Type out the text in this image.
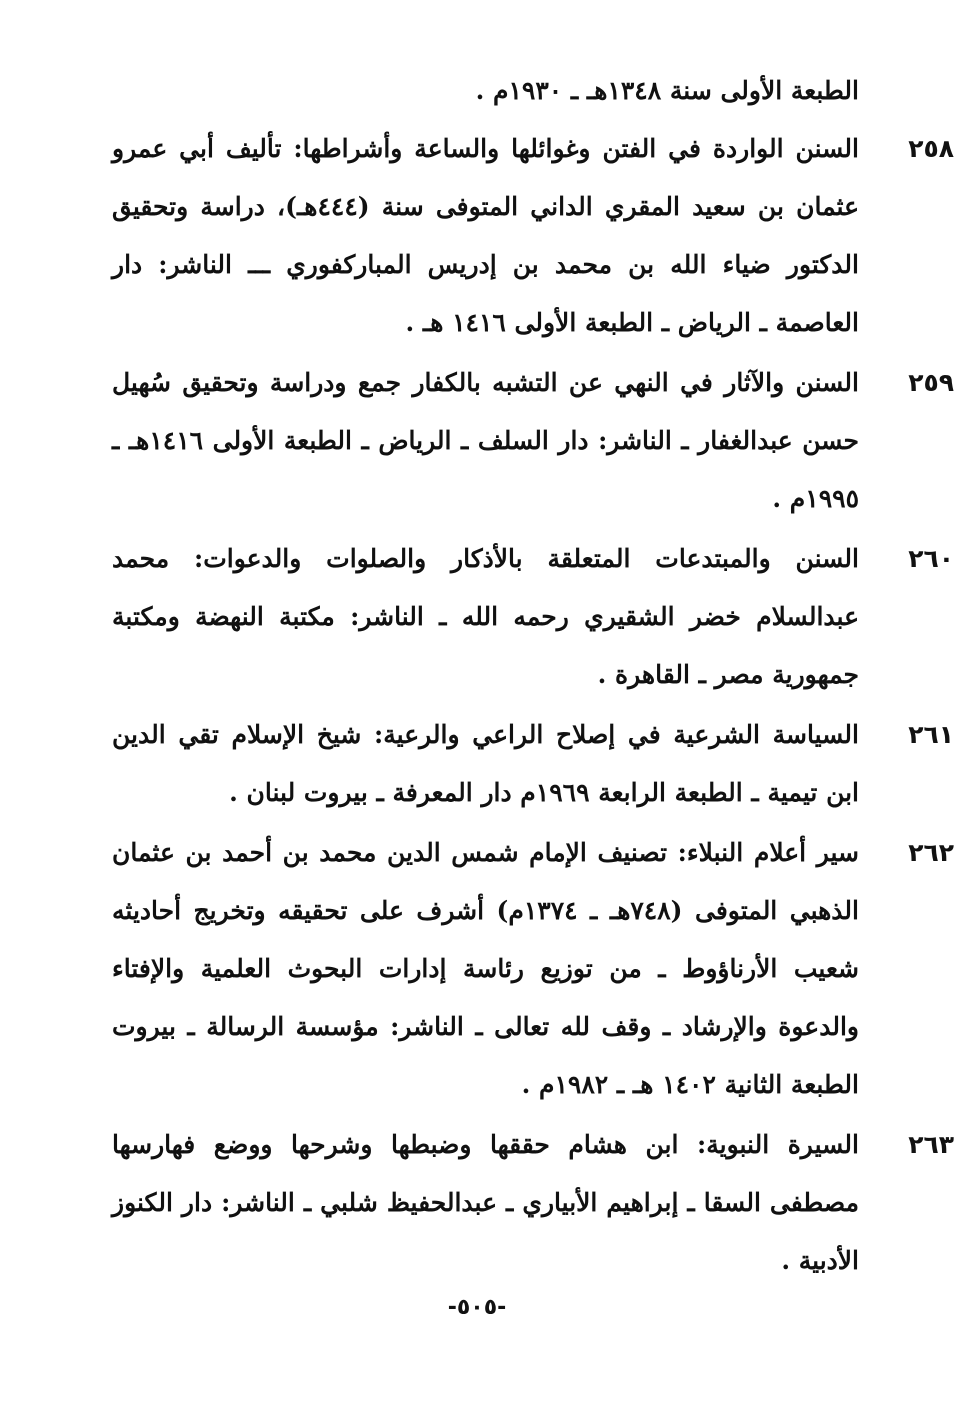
الطبعة الأولى سنة ١٣٤٨هـ ـ ١٩٣٠م .

٢٥٨
السنن الواردة في الفتن وغوائلها والساعة وأشراطها: تأليف أبي عمرو عثمان بن سعيد المقري الداني المتوفى سنة (٤٤٤هـ)، دراسة وتحقيق الدكتور ضياء الله بن محمد بن إدريس المباركفوري ـــ الناشر: دار العاصمة ـ الرياض ـ الطبعة الأولى ١٤١٦ هـ .
٢٥٩
السنن والآثار في النهي عن التشبه بالكفار جمع ودراسة وتحقيق سُهيل حسن عبدالغفار ـ الناشر: دار السلف ـ الرياض ـ الطبعة الأولى ١٤١٦هـ ـ ١٩٩٥م .
٢٦٠
السنن والمبتدعات المتعلقة بالأذكار والصلوات والدعوات: محمد عبدالسلام خضر الشقيري رحمه الله ـ الناشر: مكتبة النهضة ومكتبة جمهورية مصر ـ القاهرة .
٢٦١
السياسة الشرعية في إصلاح الراعي والرعية: شيخ الإسلام تقي الدين ابن تيمية ـ الطبعة الرابعة ١٩٦٩م دار المعرفة ـ بيروت لبنان .
٢٦٢
سير أعلام النبلاء: تصنيف الإمام شمس الدين محمد بن أحمد بن عثمان الذهبي المتوفى (٧٤٨هـ ـ ١٣٧٤م) أشرف على تحقيقه وتخريج أحاديثه شعيب الأرناؤوط ـ من توزيع رئاسة إدارات البحوث العلمية والإفتاء والدعوة والإرشاد ـ وقف لله تعالى ـ الناشر: مؤسسة الرسالة ـ بيروت الطبعة الثانية ١٤٠٢ هـ ـ ١٩٨٢م .
٢٦٣
السيرة النبوية: ابن هشام حققها وضبطها وشرحها ووضع فهارسها مصطفى السقا ـ إبراهيم الأبياري ـ عبدالحفيظ شلبي ـ الناشر: دار الكنوز الأدبية .
-٥٠٥-
